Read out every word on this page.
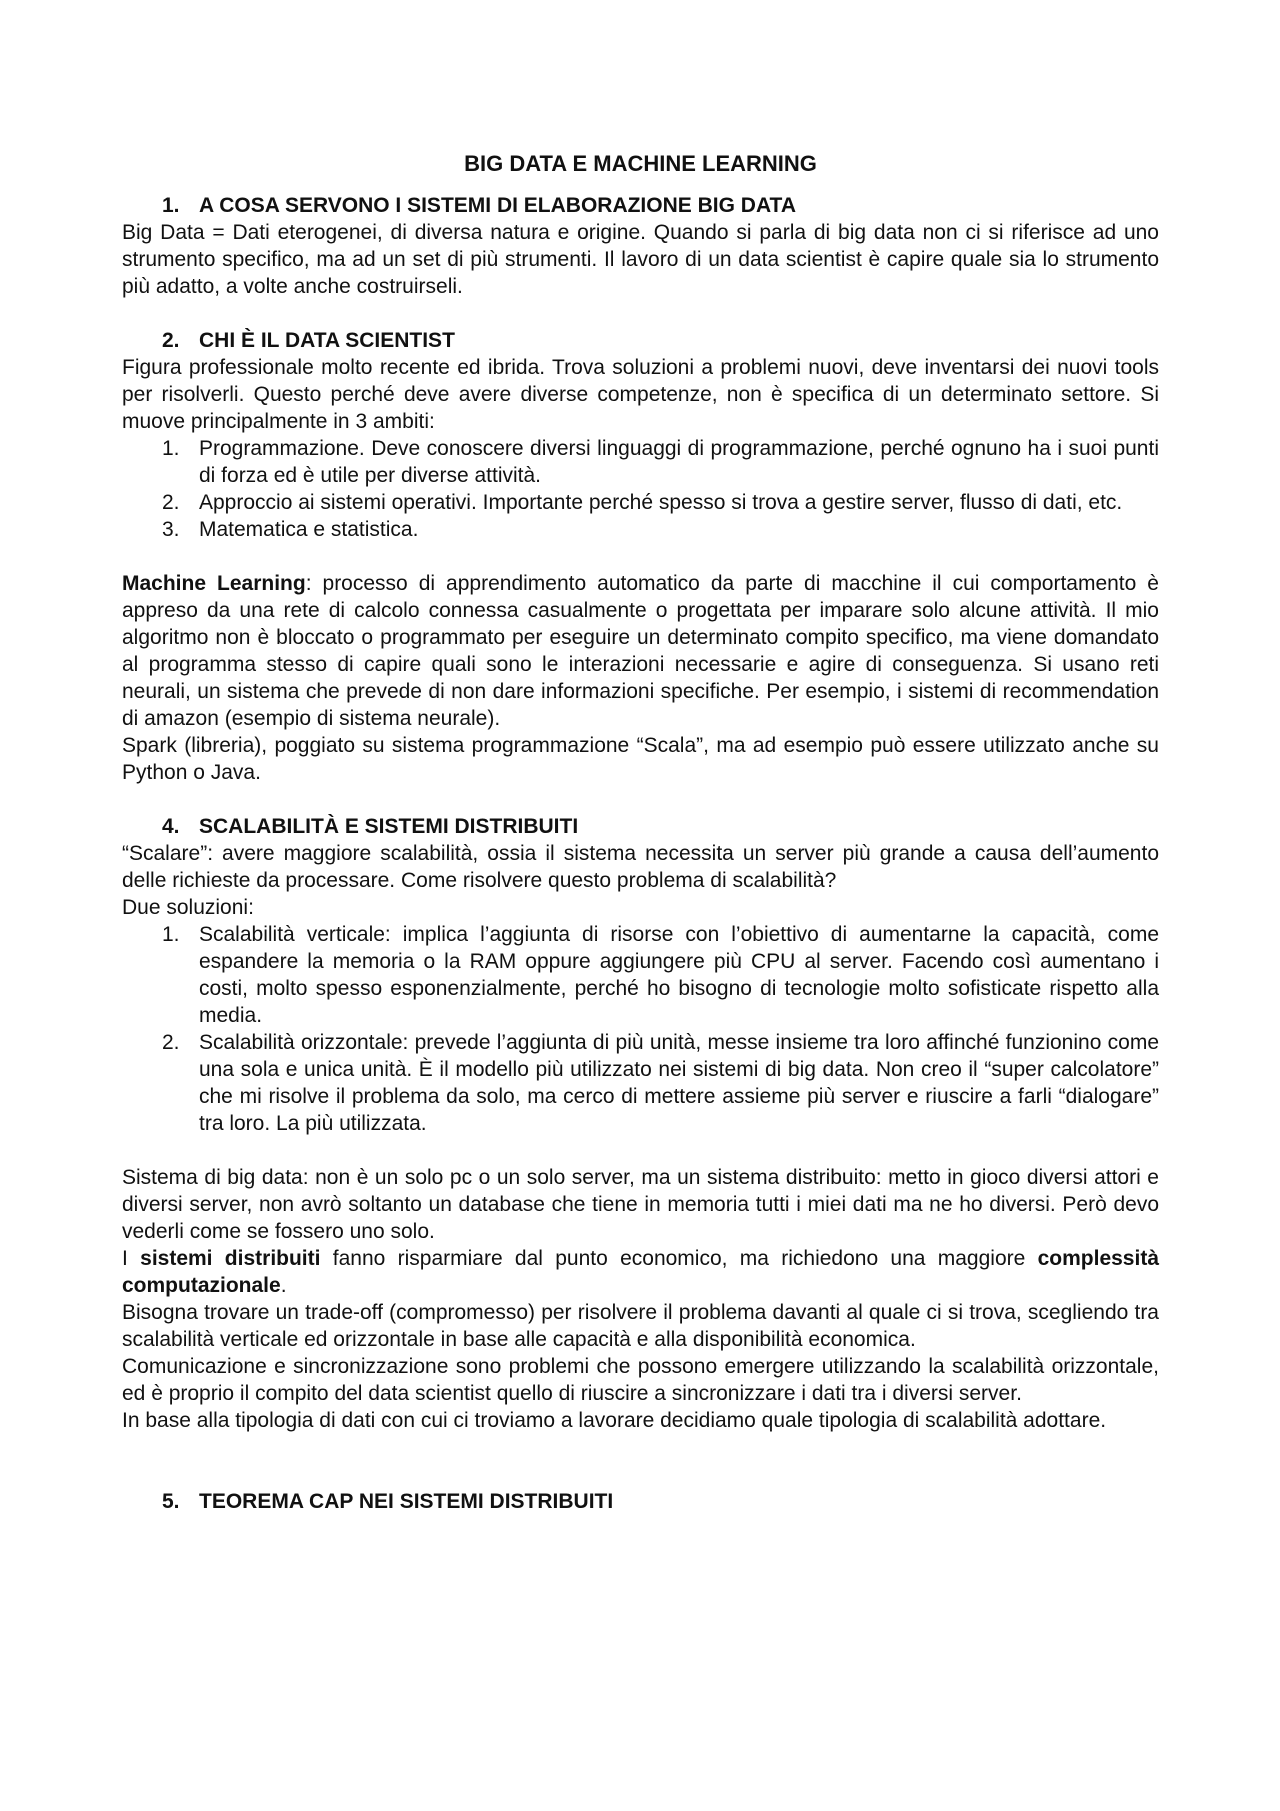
BIG DATA E MACHINE LEARNING
1. A COSA SERVONO I SISTEMI DI ELABORAZIONE BIG DATA

Big Data = Dati eterogenei, di diversa natura e origine. Quando si parla di big data non ci si riferisce ad uno strumento specifico, ma ad un set di più strumenti. Il lavoro di un data scientist è capire quale sia lo strumento più adatto, a volte anche costruirseli.

2. CHI È IL DATA SCIENTIST

Figura professionale molto recente ed ibrida. Trova soluzioni a problemi nuovi, deve inventarsi dei nuovi tools per risolverli. Questo perché deve avere diverse competenze, non è specifica di un determinato settore. Si muove principalmente in 3 ambiti:

1. Programmazione. Deve conoscere diversi linguaggi di programmazione, perché ognuno ha i suoi punti di forza ed è utile per diverse attività.
2. Approccio ai sistemi operativi. Importante perché spesso si trova a gestire server, flusso di dati, etc.
3. Matematica e statistica.

Machine Learning: processo di apprendimento automatico da parte di macchine il cui comportamento è appreso da una rete di calcolo connessa casualmente o progettata per imparare solo alcune attività. Il mio algoritmo non è bloccato o programmato per eseguire un determinato compito specifico, ma viene domandato al programma stesso di capire quali sono le interazioni necessarie e agire di conseguenza. Si usano reti neurali, un sistema che prevede di non dare informazioni specifiche. Per esempio, i sistemi di recommendation di amazon (esempio di sistema neurale).

Spark (libreria), poggiato su sistema programmazione “Scala”, ma ad esempio può essere utilizzato anche su Python o Java.

4. SCALABILITÀ E SISTEMI DISTRIBUITI

“Scalare”: avere maggiore scalabilità, ossia il sistema necessita un server più grande a causa dell’aumento delle richieste da processare. Come risolvere questo problema di scalabilità?

Due soluzioni:

1. Scalabilità verticale: implica l’aggiunta di risorse con l’obiettivo di aumentarne la capacità, come espandere la memoria o la RAM oppure aggiungere più CPU al server. Facendo così aumentano i costi, molto spesso esponenzialmente, perché ho bisogno di tecnologie molto sofisticate rispetto alla media.
2. Scalabilità orizzontale: prevede l’aggiunta di più unità, messe insieme tra loro affinché funzionino come una sola e unica unità. È il modello più utilizzato nei sistemi di big data. Non creo il “super calcolatore” che mi risolve il problema da solo, ma cerco di mettere assieme più server e riuscire a farli “dialogare” tra loro. La più utilizzata.

Sistema di big data: non è un solo pc o un solo server, ma un sistema distribuito: metto in gioco diversi attori e diversi server, non avrò soltanto un database che tiene in memoria tutti i miei dati ma ne ho diversi. Però devo vederli come se fossero uno solo.

I sistemi distribuiti fanno risparmiare dal punto economico, ma richiedono una maggiore complessità computazionale.

Bisogna trovare un trade-off (compromesso) per risolvere il problema davanti al quale ci si trova, scegliendo tra scalabilità verticale ed orizzontale in base alle capacità e alla disponibilità economica.

Comunicazione e sincronizzazione sono problemi che possono emergere utilizzando la scalabilità orizzontale, ed è proprio il compito del data scientist quello di riuscire a sincronizzare i dati tra i diversi server.

In base alla tipologia di dati con cui ci troviamo a lavorare decidiamo quale tipologia di scalabilità adottare.

5. TEOREMA CAP NEI SISTEMI DISTRIBUITI
